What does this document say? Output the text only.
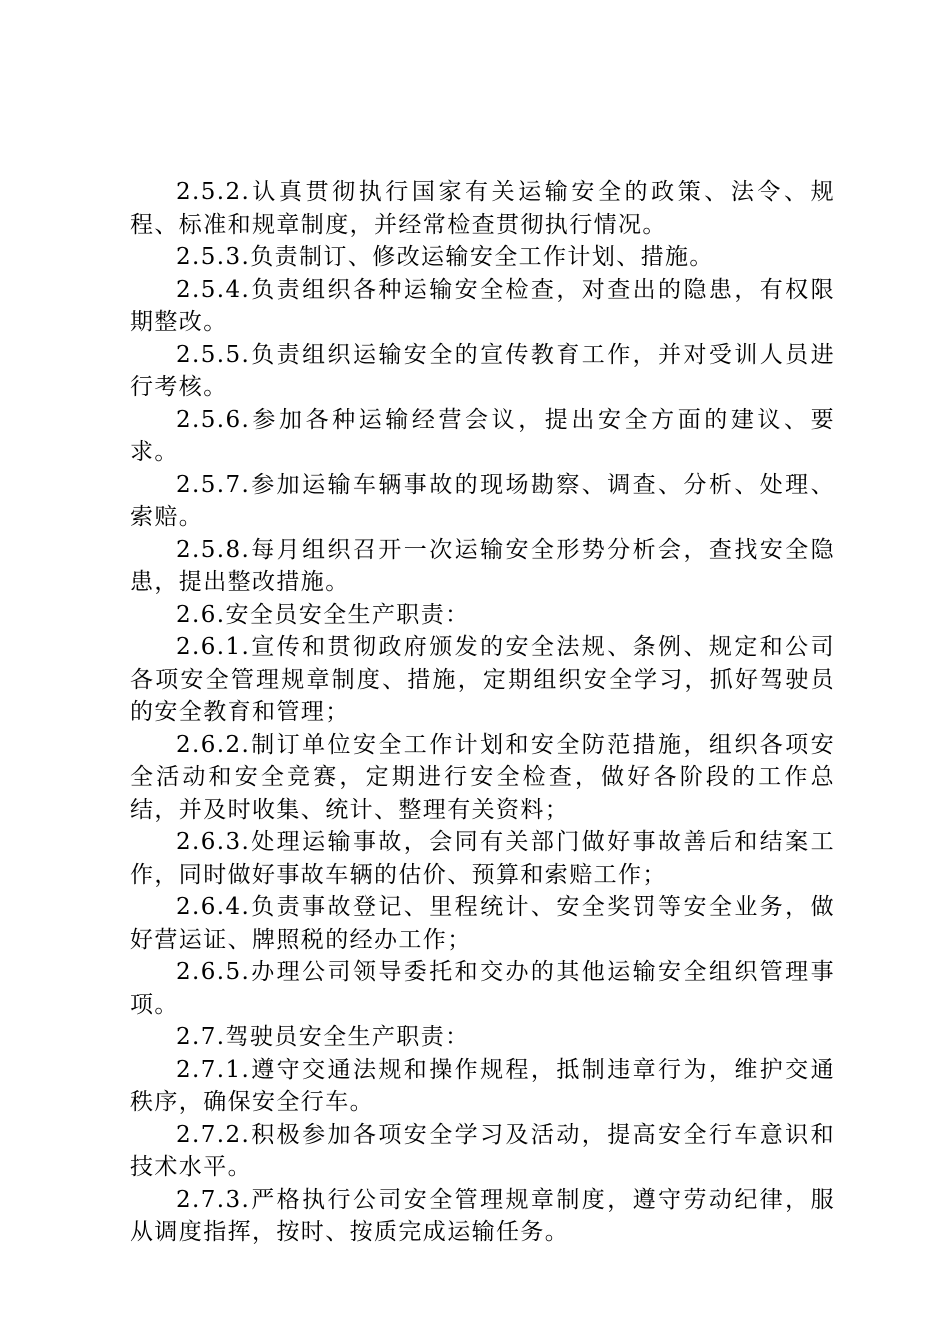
2.5.2.认真贯彻执行国家有关运输安全的政策、法令、规程、标准和规章制度，并经常检查贯彻执行情况。

2.5.3.负责制订、修改运输安全工作计划、措施。

2.5.4.负责组织各种运输安全检查，对查出的隐患，有权限期整改。

2.5.5.负责组织运输安全的宣传教育工作，并对受训人员进行考核。

2.5.6.参加各种运输经营会议，提出安全方面的建议、要求。

2.5.7.参加运输车辆事故的现场勘察、调查、分析、处理、索赔。

2.5.8.每月组织召开一次运输安全形势分析会，查找安全隐患，提出整改措施。

2.6.安全员安全生产职责：

2.6.1.宣传和贯彻政府颁发的安全法规、条例、规定和公司各项安全管理规章制度、措施，定期组织安全学习，抓好驾驶员的安全教育和管理；

2.6.2.制订单位安全工作计划和安全防范措施，组织各项安全活动和安全竞赛，定期进行安全检查，做好各阶段的工作总结，并及时收集、统计、整理有关资料；

2.6.3.处理运输事故，会同有关部门做好事故善后和结案工作，同时做好事故车辆的估价、预算和索赔工作；

2.6.4.负责事故登记、里程统计、安全奖罚等安全业务，做好营运证、牌照税的经办工作；

2.6.5.办理公司领导委托和交办的其他运输安全组织管理事项。

2.7.驾驶员安全生产职责：

2.7.1.遵守交通法规和操作规程，抵制违章行为，维护交通秩序，确保安全行车。

2.7.2.积极参加各项安全学习及活动，提高安全行车意识和技术水平。

2.7.3.严格执行公司安全管理规章制度，遵守劳动纪律，服从调度指挥，按时、按质完成运输任务。
